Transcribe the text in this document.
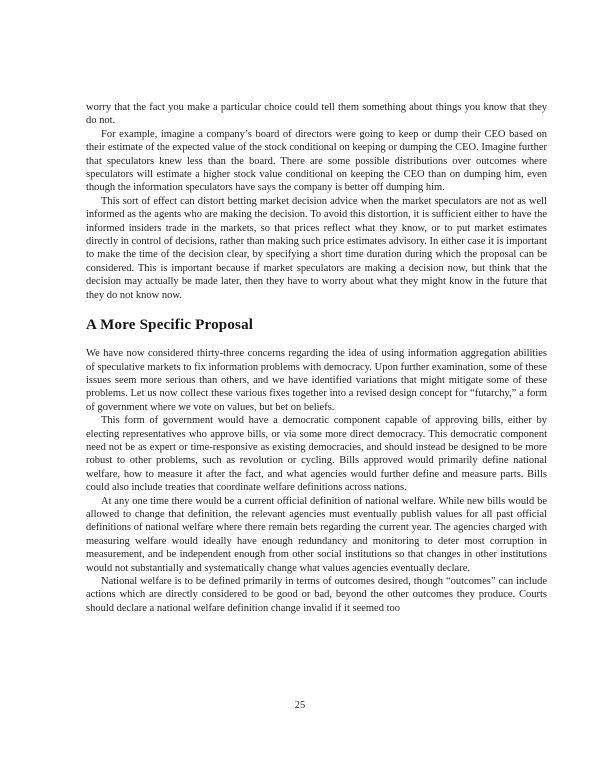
worry that the fact you make a particular choice could tell them something about things you know that they do not.

For example, imagine a company’s board of directors were going to keep or dump their CEO based on their estimate of the expected value of the stock conditional on keeping or dumping the CEO. Imagine further that speculators knew less than the board. There are some possible distributions over outcomes where speculators will estimate a higher stock value conditional on keeping the CEO than on dumping him, even though the information speculators have says the company is better off dumping him.

This sort of effect can distort betting market decision advice when the market speculators are not as well informed as the agents who are making the decision. To avoid this distortion, it is sufficient either to have the informed insiders trade in the markets, so that prices reflect what they know, or to put market estimates directly in control of decisions, rather than making such price estimates advisory. In either case it is important to make the time of the decision clear, by specifying a short time duration during which the proposal can be considered. This is important because if market speculators are making a decision now, but think that the decision may actually be made later, then they have to worry about what they might know in the future that they do not know now.

A More Specific Proposal

We have now considered thirty-three concerns regarding the idea of using information aggregation abilities of speculative markets to fix information problems with democracy. Upon further examination, some of these issues seem more serious than others, and we have identified variations that might mitigate some of these problems. Let us now collect these various fixes together into a revised design concept for “futarchy,” a form of government where we vote on values, but bet on beliefs.

This form of government would have a democratic component capable of approving bills, either by electing representatives who approve bills, or via some more direct democracy. This democratic component need not be as expert or time-responsive as existing democracies, and should instead be designed to be more robust to other problems, such as revolution or cycling. Bills approved would primarily define national welfare, how to measure it after the fact, and what agencies would further define and measure parts. Bills could also include treaties that coordinate welfare definitions across nations.

At any one time there would be a current official definition of national welfare. While new bills would be allowed to change that definition, the relevant agencies must eventually publish values for all past official definitions of national welfare where there remain bets regarding the current year. The agencies charged with measuring welfare would ideally have enough redundancy and monitoring to deter most corruption in measurement, and be independent enough from other social institutions so that changes in other institutions would not substantially and systematically change what values agencies eventually declare.

National welfare is to be defined primarily in terms of outcomes desired, though “outcomes” can include actions which are directly considered to be good or bad, beyond the other outcomes they produce. Courts should declare a national welfare definition change invalid if it seemed too

25
